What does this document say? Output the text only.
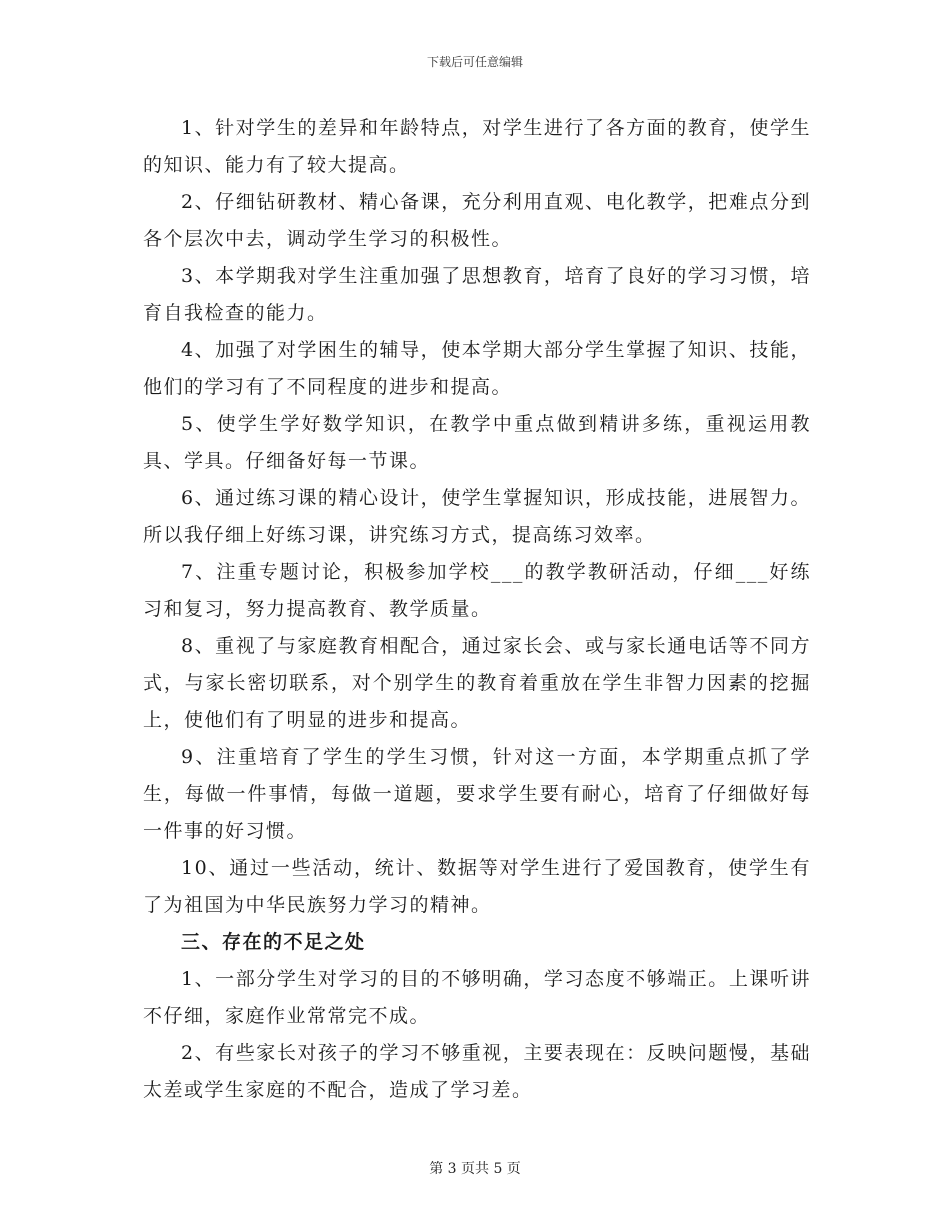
下载后可任意编辑

1、针对学生的差异和年龄特点，对学生进行了各方面的教育，使学生的知识、能力有了较大提高。

2、仔细钻研教材、精心备课，充分利用直观、电化教学，把难点分到各个层次中去，调动学生学习的积极性。

3、本学期我对学生注重加强了思想教育，培育了良好的学习习惯，培育自我检查的能力。

4、加强了对学困生的辅导，使本学期大部分学生掌握了知识、技能，他们的学习有了不同程度的进步和提高。

5、使学生学好数学知识，在教学中重点做到精讲多练，重视运用教具、学具。仔细备好每一节课。

6、通过练习课的精心设计，使学生掌握知识，形成技能，进展智力。所以我仔细上好练习课，讲究练习方式，提高练习效率。

7、注重专题讨论，积极参加学校___的教学教研活动，仔细___好练习和复习，努力提高教育、教学质量。

8、重视了与家庭教育相配合，通过家长会、或与家长通电话等不同方式，与家长密切联系，对个别学生的教育着重放在学生非智力因素的挖掘上，使他们有了明显的进步和提高。

9、注重培育了学生的学生习惯，针对这一方面，本学期重点抓了学生，每做一件事情，每做一道题，要求学生要有耐心，培育了仔细做好每一件事的好习惯。

10、通过一些活动，统计、数据等对学生进行了爱国教育，使学生有了为祖国为中华民族努力学习的精神。

三、存在的不足之处

1、一部分学生对学习的目的不够明确，学习态度不够端正。上课听讲不仔细，家庭作业常常完不成。

2、有些家长对孩子的学习不够重视，主要表现在：反映问题慢，基础太差或学生家庭的不配合，造成了学习差。

第 3 页共 5 页
